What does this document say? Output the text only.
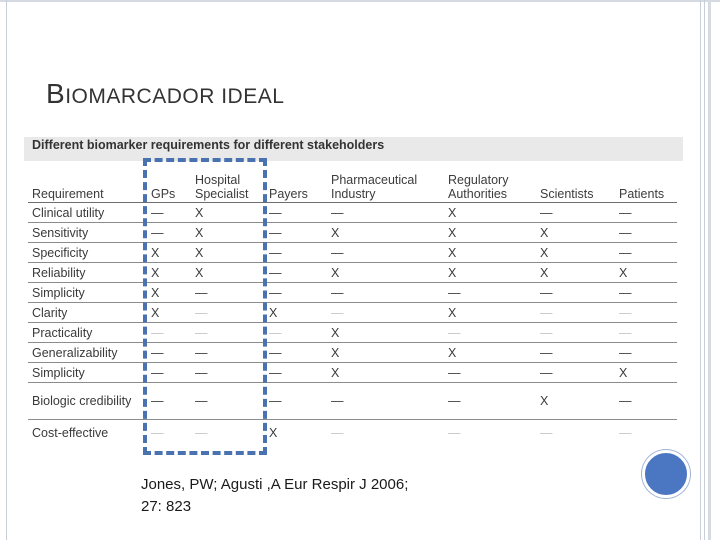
BIOMARCADOR IDEAL

Different biomarker requirements for different stakeholders

Requirement	GPs	Hospital Specialist	Payers	Pharmaceutical Industry	Regulatory Authorities	Scientists	Patients
Clinical utility	—	X	—	—	X	—	—
Sensitivity	—	X	—	X	X	X	—
Specificity	X	X	—	—	X	X	—
Reliability	X	X	—	X	X	X	X
Simplicity	X	—	—	—	—	—	—
Clarity	X	—	X	—	X	—	—
Practicality	—	—	—	X	—	—	—
Generalizability	—	—	—	X	X	—	—
Simplicity	—	—	—	X	—	—	X
Biologic credibility	—	—	—	—	—	X	—
Cost-effective	—	—	X	—	—	—	—

Jones, PW; Agusti ,A Eur Respir J 2006;
27: 823
